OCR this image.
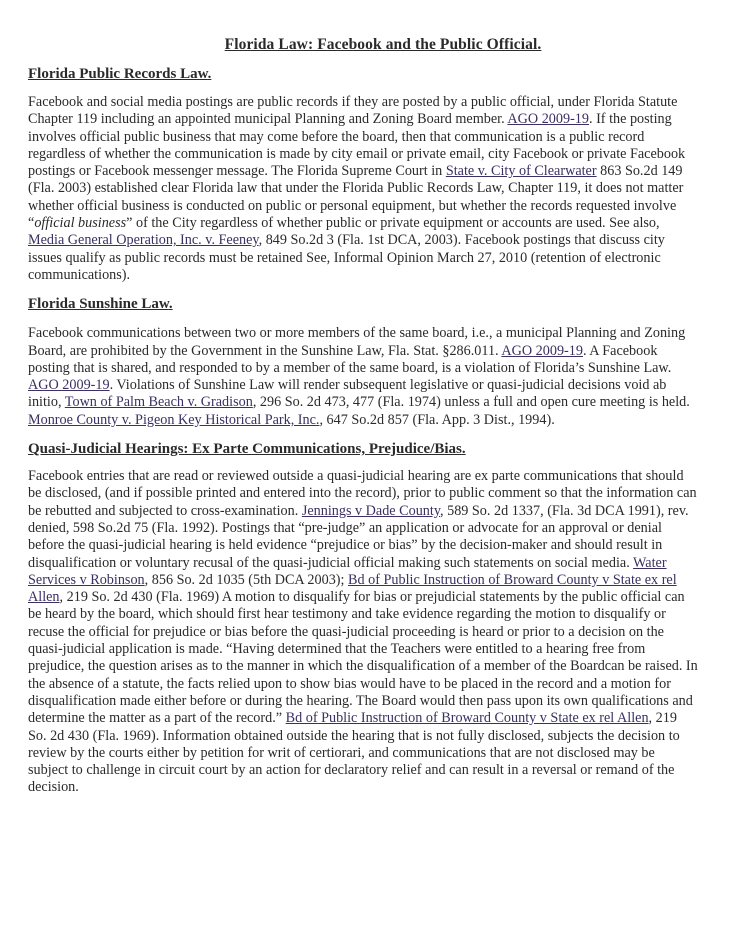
Florida Law: Facebook and the Public Official.
Florida Public Records Law.

Facebook and social media postings are public records if they are posted by a public official, under Florida Statute Chapter 119 including an appointed municipal Planning and Zoning Board member. AGO 2009-19. If the posting involves official public business that may come before the board, then that communication is a public record regardless of whether the communication is made by city email or private email, city Facebook or private Facebook postings or Facebook messenger message. The Florida Supreme Court in State v. City of Clearwater 863 So.2d 149 (Fla. 2003) established clear Florida law that under the Florida Public Records Law, Chapter 119, it does not matter whether official business is conducted on public or personal equipment, but whether the records requested involve “official business” of the City regardless of whether public or private equipment or accounts are used. See also, Media General Operation, Inc. v. Feeney, 849 So.2d 3 (Fla. 1st DCA, 2003). Facebook postings that discuss city issues qualify as public records must be retained See, Informal Opinion March 27, 2010 (retention of electronic communications).

Florida Sunshine Law.

Facebook communications between two or more members of the same board, i.e., a municipal Planning and Zoning Board, are prohibited by the Government in the Sunshine Law, Fla. Stat. §286.011. AGO 2009-19. A Facebook posting that is shared, and responded to by a member of the same board, is a violation of Florida’s Sunshine Law. AGO 2009-19. Violations of Sunshine Law will render subsequent legislative or quasi-judicial decisions void ab initio, Town of Palm Beach v. Gradison, 296 So. 2d 473, 477 (Fla. 1974) unless a full and open cure meeting is held. Monroe County v. Pigeon Key Historical Park, Inc., 647 So.2d 857 (Fla. App. 3 Dist., 1994).

Quasi-Judicial Hearings: Ex Parte Communications, Prejudice/Bias.

Facebook entries that are read or reviewed outside a quasi-judicial hearing are ex parte communications that should be disclosed, (and if possible printed and entered into the record), prior to public comment so that the information can be rebutted and subjected to cross-examination. Jennings v Dade County, 589 So. 2d 1337, (Fla. 3d DCA 1991), rev. denied, 598 So.2d 75 (Fla. 1992). Postings that “pre-judge” an application or advocate for an approval or denial before the quasi-judicial hearing is held evidence “prejudice or bias” by the decision-maker and should result in disqualification or voluntary recusal of the quasi-judicial official making such statements on social media. Water Services v Robinson, 856 So. 2d 1035 (5th DCA 2003); Bd of Public Instruction of Broward County v State ex rel Allen, 219 So. 2d 430 (Fla. 1969) A motion to disqualify for bias or prejudicial statements by the public official can be heard by the board, which should first hear testimony and take evidence regarding the motion to disqualify or recuse the official for prejudice or bias before the quasi-judicial proceeding is heard or prior to a decision on the quasi-judicial application is made. “Having determined that the Teachers were entitled to a hearing free from prejudice, the question arises as to the manner in which the disqualification of a member of the Boardcan be raised. In the absence of a statute, the facts relied upon to show bias would have to be placed in the record and a motion for disqualification made either before or during the hearing. The Board would then pass upon its own qualifications and determine the matter as a part of the record.” Bd of Public Instruction of Broward County v State ex rel Allen, 219 So. 2d 430 (Fla. 1969). Information obtained outside the hearing that is not fully disclosed, subjects the decision to review by the courts either by petition for writ of certiorari, and communications that are not disclosed may be subject to challenge in circuit court by an action for declaratory relief and can result in a reversal or remand of the decision.
